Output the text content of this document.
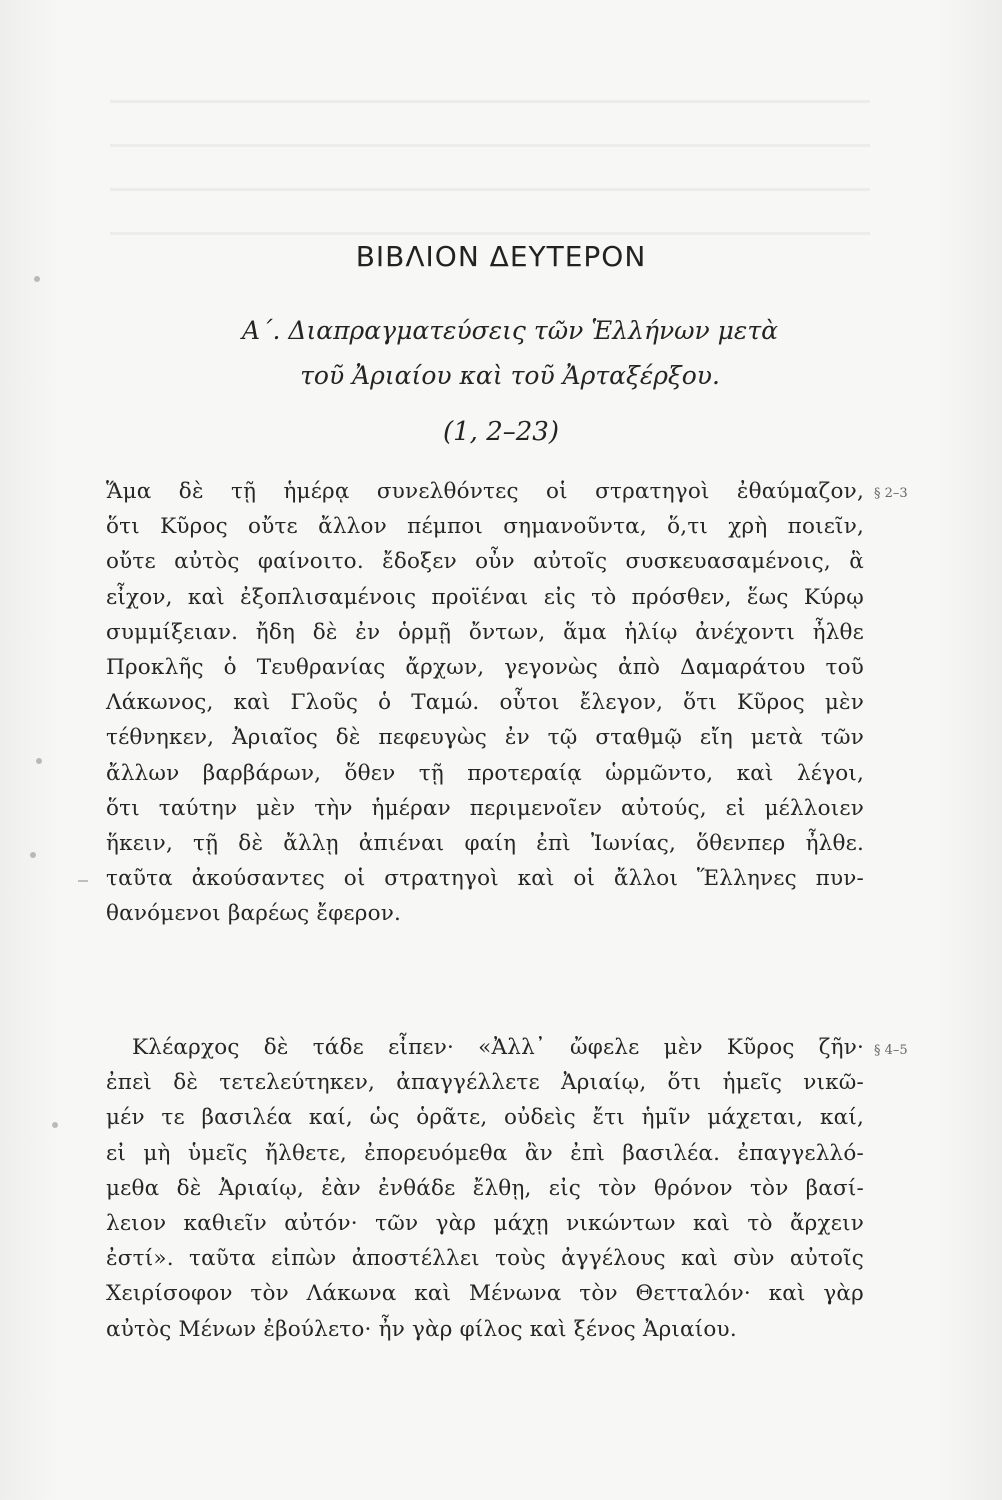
ΒΙΒΛΙΟΝ ΔΕΥΤΕΡΟΝ
Α΄. Διαπραγματεύσεις τῶν Ἑλλήνων μετὰ
τοῦ Ἀριαίου καὶ τοῦ Ἀρταξέρξου.
(1, 2–23)
Ἅμα δὲ τῇ ἡμέρᾳ συνελθόντες οἱ στρατηγοὶ ἐθαύμαζον,
ὅτι Κῦρος οὔτε ἄλλον πέμποι σημανοῦντα, ὅ,τι χρὴ ποιεῖν,
οὔτε αὐτὸς φαίνοιτο. ἔδοξεν οὖν αὐτοῖς συσκευασαμένοις, ἃ
εἶχον, καὶ ἐξοπλισαμένοις προϊέναι εἰς τὸ πρόσθεν, ἕως Κύρῳ
συμμίξειαν. ἤδη δὲ ἐν ὁρμῇ ὄντων, ἅμα ἡλίῳ ἀνέχοντι ἦλθε
Προκλῆς ὁ Τευθρανίας ἄρχων, γεγονὼς ἀπὸ Δαμαράτου τοῦ
Λάκωνος, καὶ Γλοῦς ὁ Ταμώ. οὗτοι ἔλεγον, ὅτι Κῦρος μὲν
τέθνηκεν, Ἀριαῖος δὲ πεφευγὼς ἐν τῷ σταθμῷ εἴη μετὰ τῶν
ἄλλων βαρβάρων, ὅθεν τῇ προτεραίᾳ ὡρμῶντο, καὶ λέγοι,
ὅτι ταύτην μὲν τὴν ἡμέραν περιμενοῖεν αὐτούς, εἰ μέλλοιεν
ἥκειν, τῇ δὲ ἄλλῃ ἀπιέναι φαίη ἐπὶ Ἰωνίας, ὅθενπερ ἦλθε.
ταῦτα ἀκούσαντες οἱ στρατηγοὶ καὶ οἱ ἄλλοι Ἕλληνες πυν-
θανόμενοι βαρέως ἔφερον.
§ 2–3
Κλέαρχος δὲ τάδε εἶπεν· «Ἀλλ᾽ ὤφελε μὲν Κῦρος ζῆν·
ἐπεὶ δὲ τετελεύτηκεν, ἀπαγγέλλετε Ἀριαίῳ, ὅτι ἡμεῖς νικῶ-
μέν τε βασιλέα καί, ὡς ὁρᾶτε, οὐδεὶς ἔτι ἡμῖν μάχεται, καί,
εἰ μὴ ὑμεῖς ἤλθετε, ἐπορευόμεθα ἂν ἐπὶ βασιλέα. ἐπαγγελλό-
μεθα δὲ Ἀριαίῳ, ἐὰν ἐνθάδε ἔλθῃ, εἰς τὸν θρόνον τὸν βασί-
λειον καθιεῖν αὐτόν· τῶν γὰρ μάχῃ νικώντων καὶ τὸ ἄρχειν
ἐστί». ταῦτα εἰπὼν ἀποστέλλει τοὺς ἀγγέλους καὶ σὺν αὐτοῖς
Χειρίσοφον τὸν Λάκωνα καὶ Μένωνα τὸν Θετταλόν· καὶ γὰρ
αὐτὸς Μένων ἐβούλετο· ἦν γὰρ φίλος καὶ ξένος Ἀριαίου.
§ 4–5
